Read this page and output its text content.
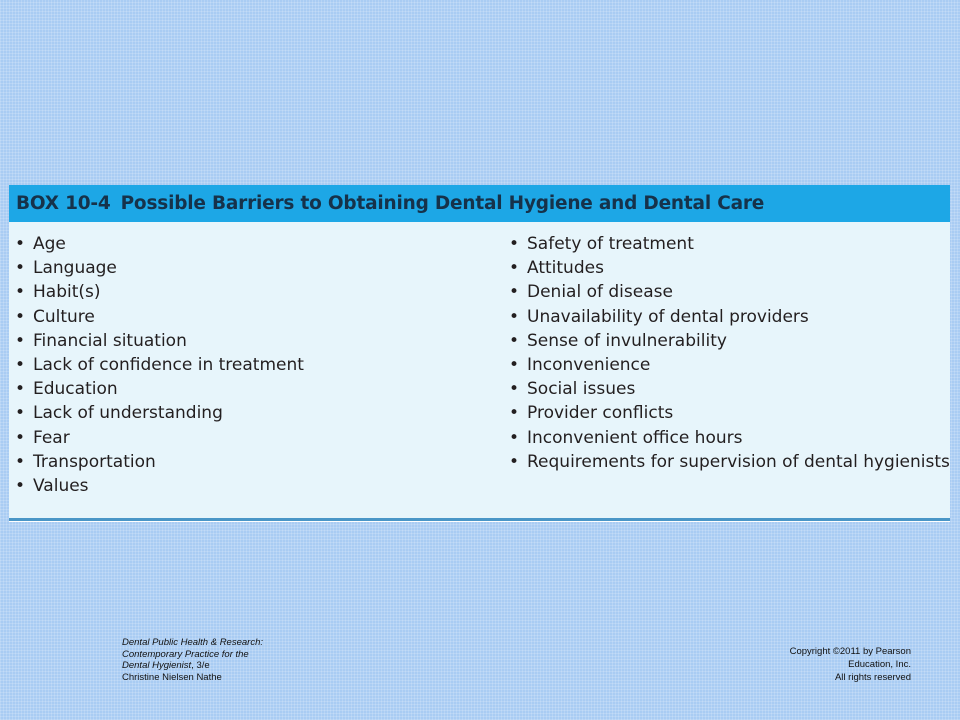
BOX 10-4 Possible Barriers to Obtaining Dental Hygiene and Dental Care
• Age
• Language
• Habit(s)
• Culture
• Financial situation
• Lack of confidence in treatment
• Education
• Lack of understanding
• Fear
• Transportation
• Values
• Safety of treatment
• Attitudes
• Denial of disease
• Unavailability of dental providers
• Sense of invulnerability
• Inconvenience
• Social issues
• Provider conflicts
• Inconvenient office hours
• Requirements for supervision of dental hygienists
Dental Public Health & Research: Contemporary Practice for the Dental Hygienist, 3/e
Christine Nielsen Nathe
Copyright ©2011 by Pearson
Education, Inc.
All rights reserved
